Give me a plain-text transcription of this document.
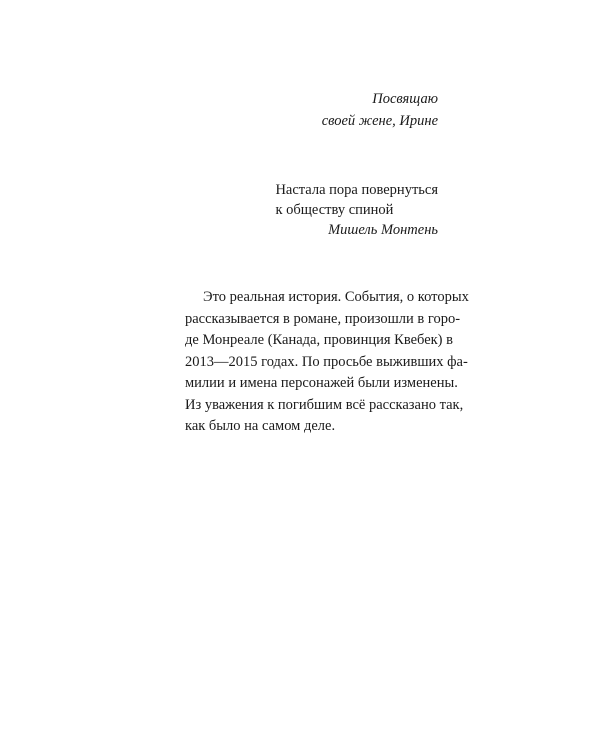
Посвящаю
своей жене, Ирине
Настала пора повернуться
к обществу спиной
Мишель Монтень
Это реальная история. События, о которых
рассказывается в романе, произошли в горо-
де Монреале (Канада, провинция Квебек) в
2013—2015 годах. По просьбе выживших фа-
милии и имена персонажей были изменены.
Из уважения к погибшим всё рассказано так,
как было на самом деле.
